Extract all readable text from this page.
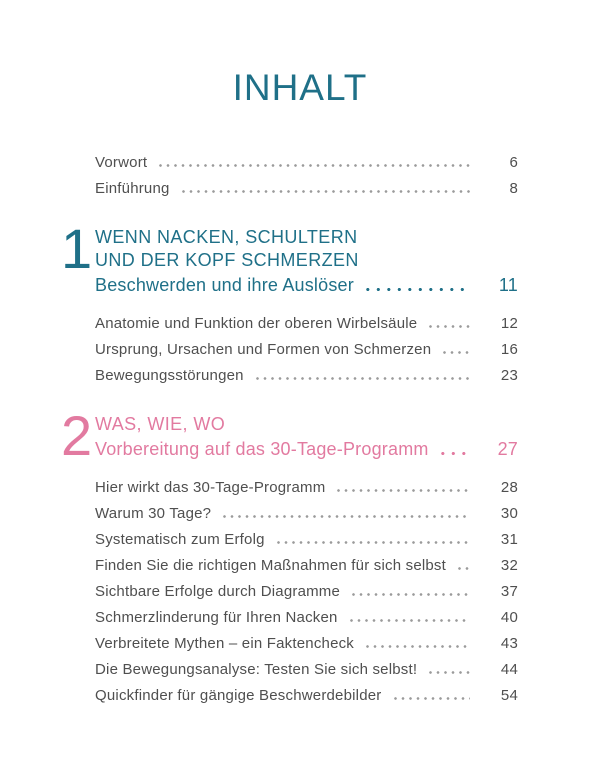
INHALT
Vorwort	6
Einführung	8
1 WENN NACKEN, SCHULTERN
UND DER KOPF SCHMERZEN
Beschwerden und ihre Auslöser	11
Anatomie und Funktion der oberen Wirbelsäule	12
Ursprung, Ursachen und Formen von Schmerzen	16
Bewegungsstörungen	23
2 WAS, WIE, WO
Vorbereitung auf das 30-Tage-Programm	27
Hier wirkt das 30-Tage-Programm	28
Warum 30 Tage?	30
Systematisch zum Erfolg	31
Finden Sie die richtigen Maßnahmen für sich selbst	32
Sichtbare Erfolge durch Diagramme	37
Schmerzlinderung für Ihren Nacken	40
Verbreitete Mythen – ein Faktencheck	43
Die Bewegungsanalyse: Testen Sie sich selbst!	44
Quickfinder für gängige Beschwerdebilder	54
